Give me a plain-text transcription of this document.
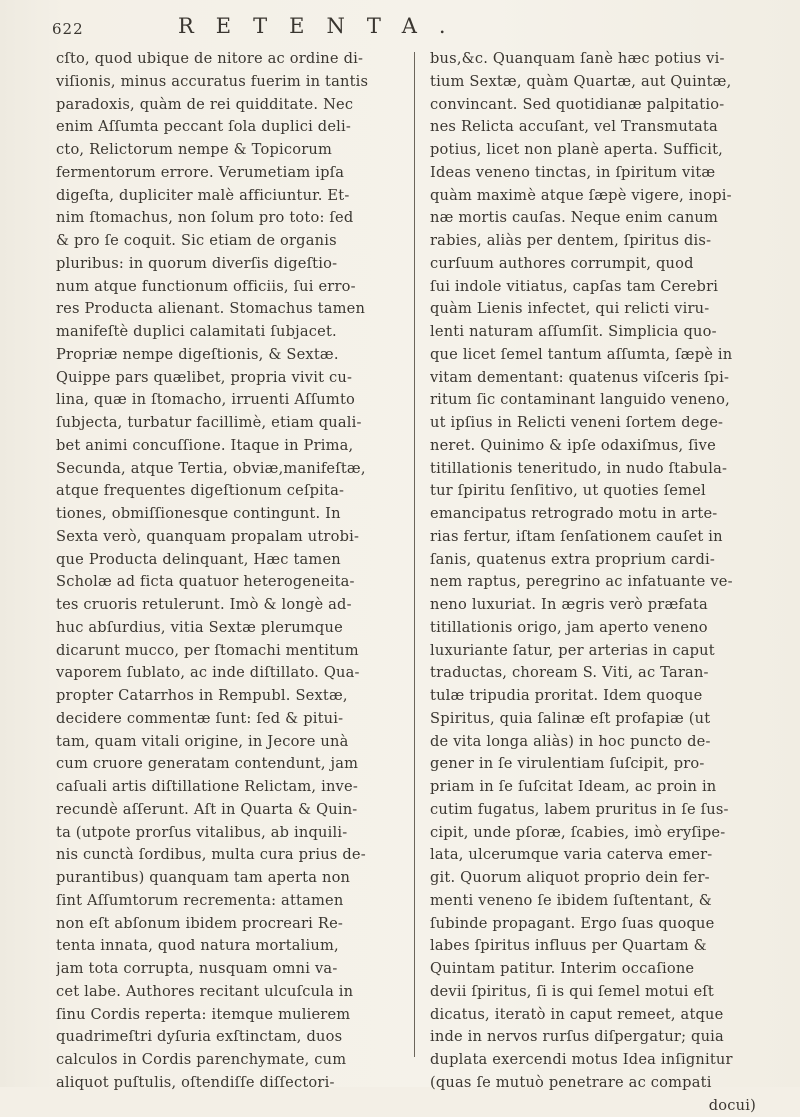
622	RETENTA.
cſto, quod ubique de nitore ac ordine di-
viſionis, minus accuratus fuerim in tantis
paradoxis, quàm de rei quidditate. Nec
enim Aſſumta peccant ſola duplici deli-
cto, Relictorum nempe & Topicorum
fermentorum errore. Verumetiam ipſa
digeſta, dupliciter malè afficiuntur. Et-
nim ſtomachus, non ſolum pro toto: ſed
& pro ſe coquit. Sic etiam de organis
pluribus: in quorum diverſis digeſtio-
num atque functionum officiis, ſui erro-
res Producta alienant. Stomachus tamen
manifeſtè duplici calamitati ſubjacet.
Propriæ nempe digeſtionis, & Sextæ.
Quippe pars quælibet, propria vivit cu-
lina, quæ in ſtomacho, irruenti Aſſumto
ſubjecta, turbatur facillimè, etiam quali-
bet animi concuſſione. Itaque in Prima,
Secunda, atque Tertia, obviæ,manifeſtæ,
atque frequentes digeſtionum ceſpita-
tiones, obmiſſionesque contingunt. In
Sexta verò, quanquam propalam utrobi-
que Producta delinquant, Hæc tamen
Scholæ ad ficta quatuor heterogeneita-
tes cruoris retulerunt. Imò & longè ad-
huc abſurdius, vitia Sextæ plerumque
dicarunt mucco, per ſtomachi mentitum
vaporem ſublato, ac inde diſtillato. Qua-
propter Catarrhos in Rempubl. Sextæ,
decidere commentæ ſunt: ſed & pitui-
tam, quam vitali origine, in Jecore unà
cum cruore generatam contendunt, jam
caſuali artis diſtillatione Relictam, inve-
recundè aſſerunt. Aſt in Quarta & Quin-
ta (utpote prorſus vitalibus, ab inquili-
nis cunctà ſordibus, multa cura prius de-
purantibus) quanquam tam aperta non
ſint Aſſumtorum recrementa: attamen
non eſt abſonum ibidem procreari Re-
tenta innata, quod natura mortalium,
jam tota corrupta, nusquam omni va-
cet labe. Authores recitant ulcuſcula in
ſinu Cordis reperta: itemque mulierem
quadrimeſtri dyſuria exſtinctam, duos
calculos in Cordis parenchymate, cum
aliquot puſtulis, oſtendiſſe diſſectori-
bus,&c. Quanquam ſanè hæc potius vi-
tium Sextæ, quàm Quartæ, aut Quintæ,
convincant. Sed quotidianæ palpitatio-
nes Relicta accuſant, vel Transmutata
potius, licet non planè aperta. Sufficit,
Ideas veneno tinctas, in ſpiritum vitæ
quàm maximè atque ſæpè vigere, inopi-
næ mortis cauſas. Neque enim canum
rabies, aliàs per dentem, ſpiritus dis-
curſuum authores corrumpit, quod
ſui indole vitiatus, capſas tam Cerebri
quàm Lienis infectet, qui relicti viru-
lenti naturam aſſumſit. Simplicia quo-
que licet ſemel tantum aſſumta, ſæpè in
vitam dementant: quatenus viſceris ſpi-
ritum ſic contaminant languido veneno,
ut ipſius in Relicti veneni ſortem dege-
neret. Quinimo & ipſe odaxiſmus, ſive
titillationis teneritudo, in nudo ſtabula-
tur ſpiritu ſenſitivo, ut quoties ſemel
emancipatus retrogrado motu in arte-
rias fertur, iſtam ſenſationem cauſet in
ſanis, quatenus extra proprium cardi-
nem raptus, peregrino ac infatuante ve-
neno luxuriat. In ægris verò præfata
titillationis origo, jam aperto veneno
luxuriante ſatur, per arterias in caput
traductas, choream S. Viti, ac Taran-
tulæ tripudia proritat. Idem quoque
Spiritus, quia ſalinæ eſt profapiæ (ut
de vita longa aliàs) in hoc puncto de-
gener in ſe virulentiam ſuſcipit, pro-
priam in ſe ſuſcitat Ideam, ac proin in
cutim fugatus, labem pruritus in ſe ſus-
cipit, unde pſoræ, ſcabies, imò eryſipe-
lata, ulcerumque varia caterva emer-
git. Quorum aliquot proprio dein fer-
menti veneno ſe ibidem ſuſtentant, &
ſubinde propagant. Ergo ſuas quoque
labes ſpiritus influus per Quartam &
Quintam patitur. Interim occaſione
devii ſpiritus, ſi is qui ſemel motui eſt
dicatus, iteratò in caput remeet, atque
inde in nervos rurſus diſpergatur; quia
duplata exercendi motus Idea inſignitur
(quas ſe mutuò penetrare ac compati
docui)
